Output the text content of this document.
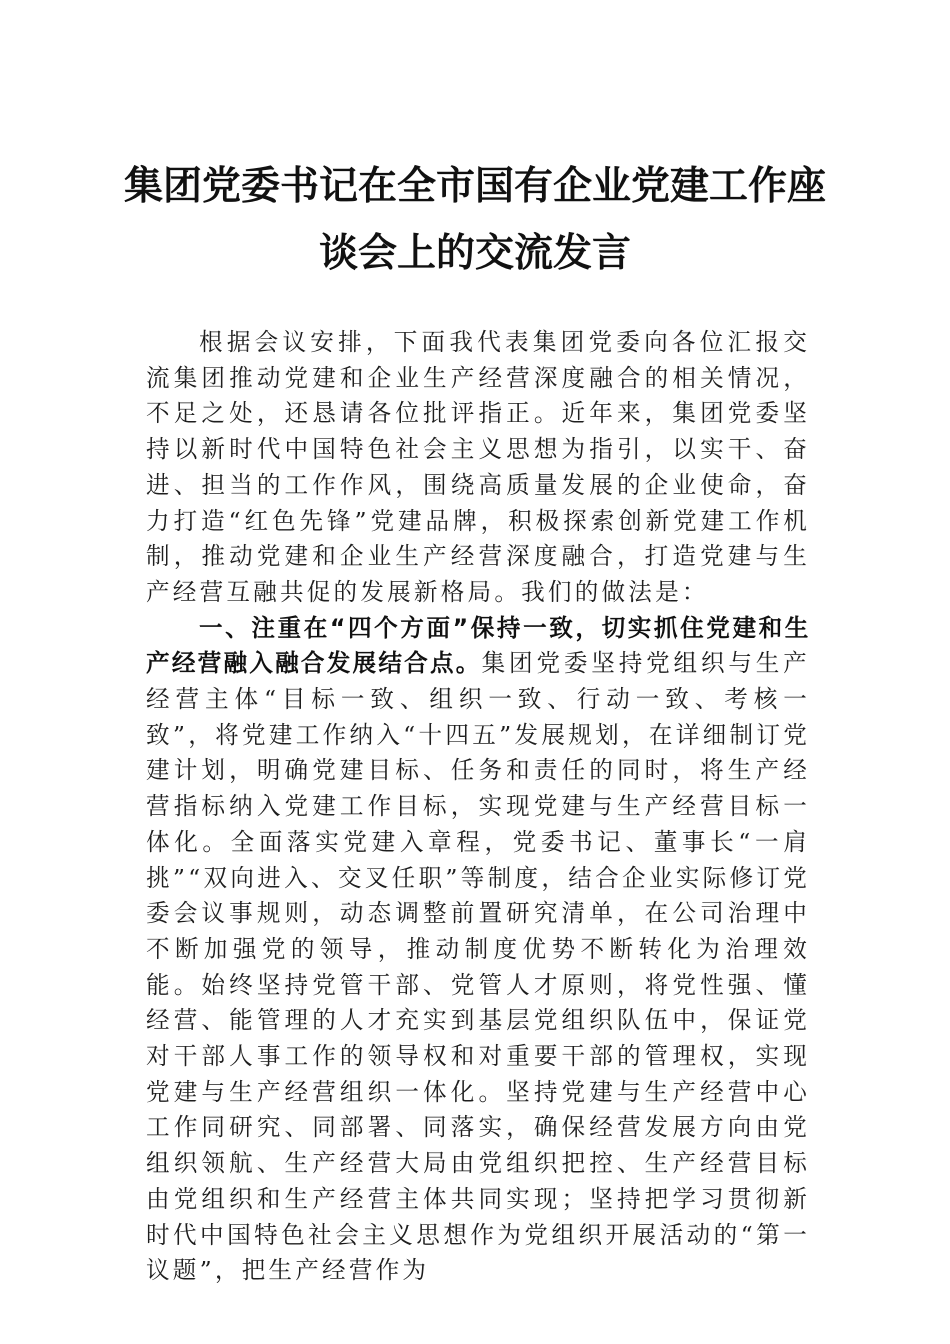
集团党委书记在全市国有企业党建工作座
谈会上的交流发言

根据会议安排，下面我代表集团党委向各位汇报交流集团推动党建和企业生产经营深度融合的相关情况，不足之处，还恳请各位批评指正。近年来，集团党委坚持以新时代中国特色社会主义思想为指引，以实干、奋进、担当的工作作风，围绕高质量发展的企业使命，奋力打造“红色先锋”党建品牌，积极探索创新党建工作机制，推动党建和企业生产经营深度融合，打造党建与生产经营互融共促的发展新格局。我们的做法是：

一、注重在“四个方面”保持一致，切实抓住党建和生产经营融入融合发展结合点。集团党委坚持党组织与生产经营主体“目标一致、组织一致、行动一致、考核一致”，将党建工作纳入“十四五”发展规划，在详细制订党建计划，明确党建目标、任务和责任的同时，将生产经营指标纳入党建工作目标，实现党建与生产经营目标一体化。全面落实党建入章程，党委书记、董事长“一肩挑”“双向进入、交叉任职”等制度，结合企业实际修订党委会议事规则，动态调整前置研究清单，在公司治理中不断加强党的领导，推动制度优势不断转化为治理效能。始终坚持党管干部、党管人才原则，将党性强、懂经营、能管理的人才充实到基层党组织队伍中，保证党对干部人事工作的领导权和对重要干部的管理权，实现党建与生产经营组织一体化。坚持党建与生产经营中心工作同研究、同部署、同落实，确保经营发展方向由党组织领航、生产经营大局由党组织把控、生产经营目标由党组织和生产经营主体共同实现；坚持把学习贯彻新时代中国特色社会主义思想作为党组织开展活动的“第一议题”，把生产经营作为
